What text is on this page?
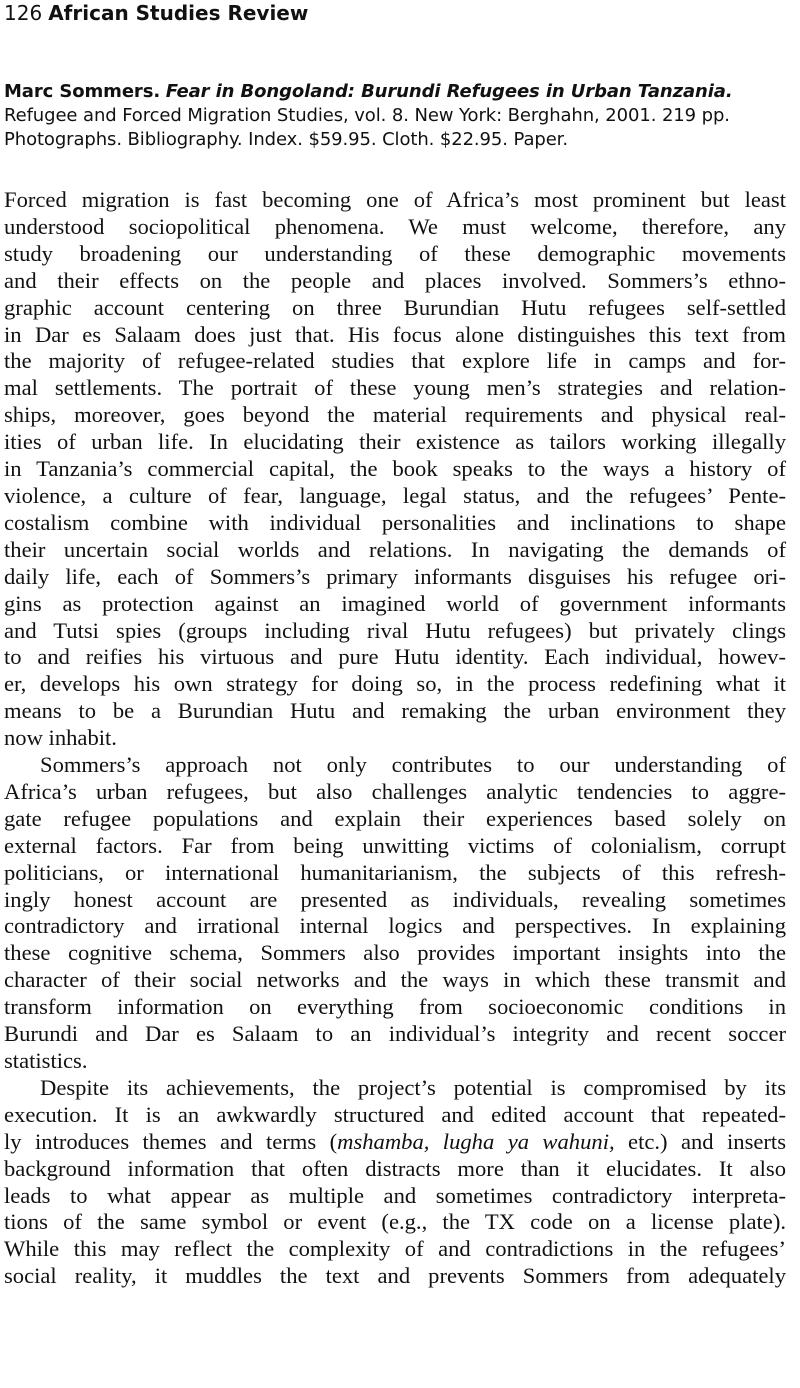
126 African Studies Review
Marc Sommers. Fear in Bongoland: Burundi Refugees in Urban Tanzania.
Refugee and Forced Migration Studies, vol. 8. New York: Berghahn, 2001. 219 pp.
Photographs. Bibliography. Index. $59.95. Cloth. $22.95. Paper.

Forced migration is fast becoming one of Africa’s most prominent but least
understood sociopolitical phenomena. We must welcome, therefore, any
study broadening our understanding of these demographic movements
and their effects on the people and places involved. Sommers’s ethno-
graphic account centering on three Burundian Hutu refugees self-settled
in Dar es Salaam does just that. His focus alone distinguishes this text from
the majority of refugee-related studies that explore life in camps and for-
mal settlements. The portrait of these young men’s strategies and relation-
ships, moreover, goes beyond the material requirements and physical real-
ities of urban life. In elucidating their existence as tailors working illegally
in Tanzania’s commercial capital, the book speaks to the ways a history of
violence, a culture of fear, language, legal status, and the refugees’ Pente-
costalism combine with individual personalities and inclinations to shape
their uncertain social worlds and relations. In navigating the demands of
daily life, each of Sommers’s primary informants disguises his refugee ori-
gins as protection against an imagined world of government informants
and Tutsi spies (groups including rival Hutu refugees) but privately clings
to and reifies his virtuous and pure Hutu identity. Each individual, howev-
er, develops his own strategy for doing so, in the process redefining what it
means to be a Burundian Hutu and remaking the urban environment they
now inhabit.

Sommers’s approach not only contributes to our understanding of
Africa’s urban refugees, but also challenges analytic tendencies to aggre-
gate refugee populations and explain their experiences based solely on
external factors. Far from being unwitting victims of colonialism, corrupt
politicians, or international humanitarianism, the subjects of this refresh-
ingly honest account are presented as individuals, revealing sometimes
contradictory and irrational internal logics and perspectives. In explaining
these cognitive schema, Sommers also provides important insights into the
character of their social networks and the ways in which these transmit and
transform information on everything from socioeconomic conditions in
Burundi and Dar es Salaam to an individual’s integrity and recent soccer
statistics.

Despite its achievements, the project’s potential is compromised by its
execution. It is an awkwardly structured and edited account that repeated-
ly introduces themes and terms (mshamba, lugha ya wahuni, etc.) and inserts
background information that often distracts more than it elucidates. It also
leads to what appear as multiple and sometimes contradictory interpreta-
tions of the same symbol or event (e.g., the TX code on a license plate).
While this may reflect the complexity of and contradictions in the refugees’
social reality, it muddles the text and prevents Sommers from adequately
